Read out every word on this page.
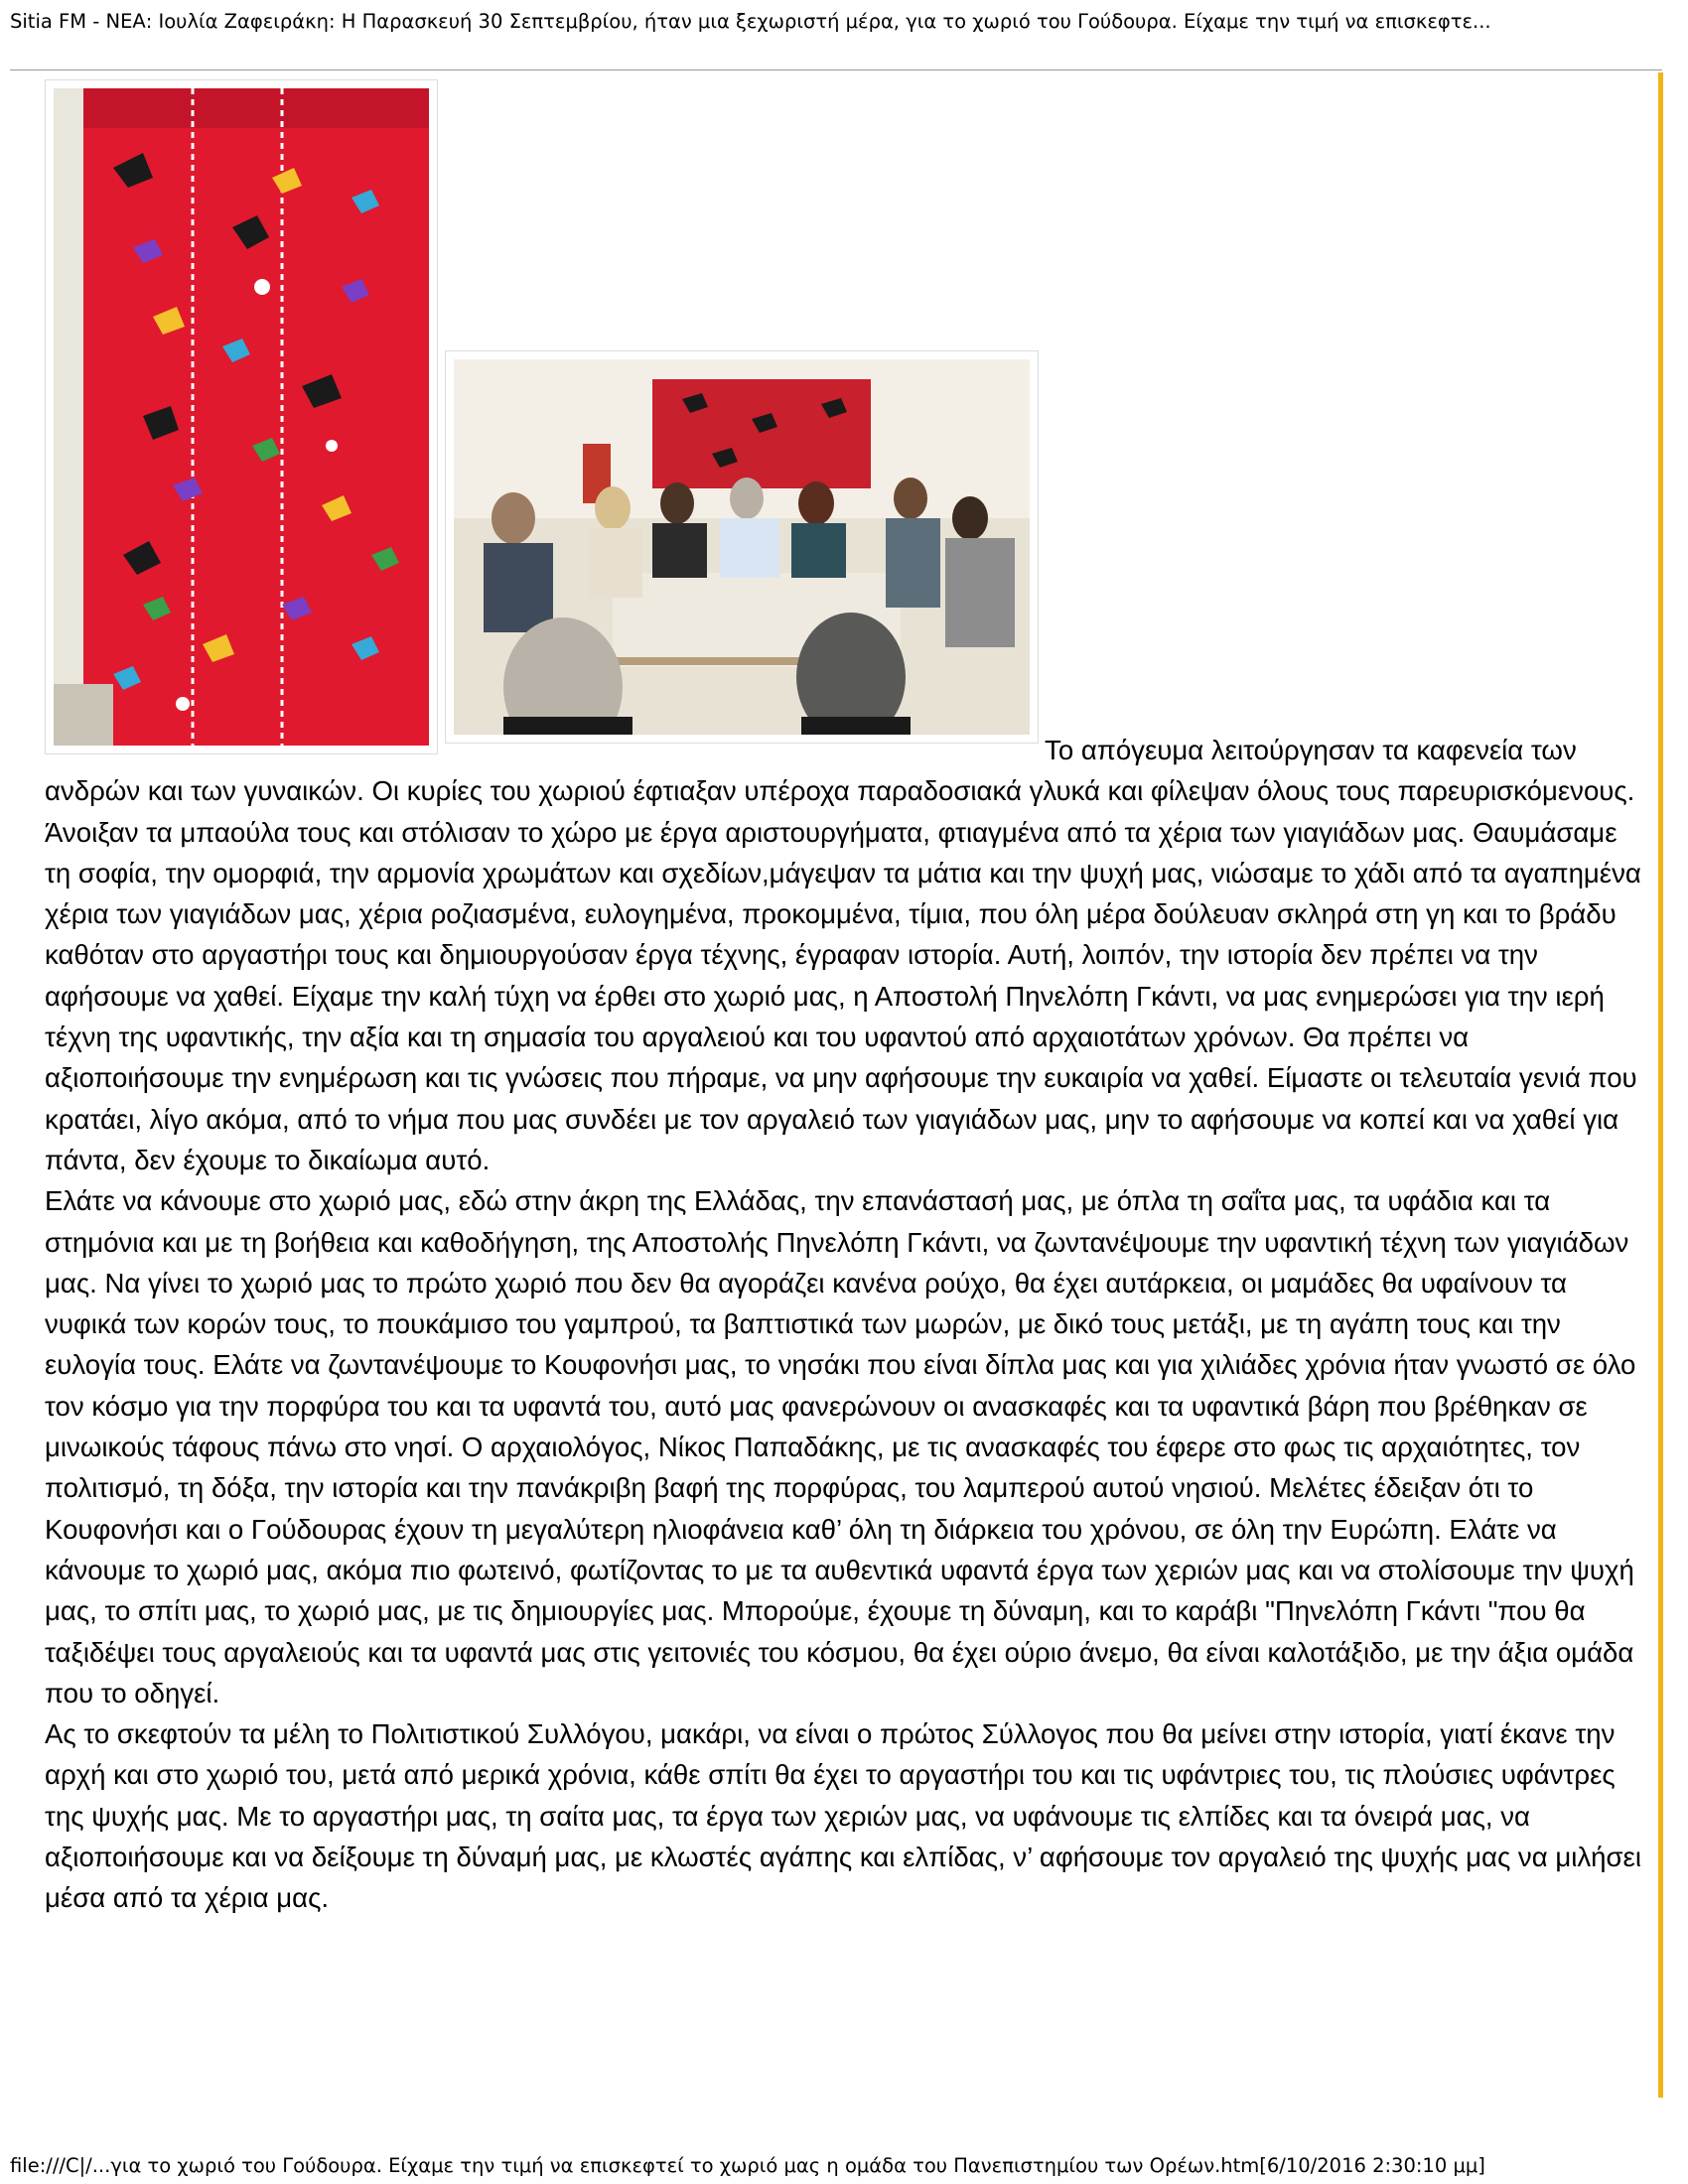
Sitia FM - ΝΕΑ: Ιουλία Ζαφειράκη: Η Παρασκευή 30 Σεπτεμβρίου, ήταν μια ξεχωριστή μέρα, για το χωριό του Γούδουρα. Είχαμε την τιμή να επισκεφτε...

Το απόγευμα λειτούργησαν τα καφενεία των ανδρών και των γυναικών. Οι κυρίες του χωριού έφτιαξαν υπέροχα παραδοσιακά γλυκά και φίλεψαν όλους τους παρευρισκόμενους. Άνοιξαν τα μπαούλα τους και στόλισαν το χώρο με έργα αριστουργήματα, φτιαγμένα από τα χέρια των γιαγιάδων μας. Θαυμάσαμε τη σοφία, την ομορφιά, την αρμονία χρωμάτων και σχεδίων,μάγεψαν τα μάτια και την ψυχή μας, νιώσαμε το χάδι από τα αγαπημένα χέρια των γιαγιάδων μας, χέρια ροζιασμένα, ευλογημένα, προκομμένα, τίμια, που όλη μέρα δούλευαν σκληρά στη γη και το βράδυ καθόταν στο αργαστήρι τους και δημιουργούσαν έργα τέχνης, έγραφαν ιστορία. Αυτή, λοιπόν, την ιστορία δεν πρέπει να την αφήσουμε να χαθεί. Είχαμε την καλή τύχη να έρθει στο χωριό μας, η Αποστολή Πηνελόπη Γκάντι, να μας ενημερώσει για την ιερή τέχνη της υφαντικής, την αξία και τη σημασία του αργαλειού και του υφαντού από αρχαιοτάτων χρόνων. Θα πρέπει να αξιοποιήσουμε την ενημέρωση και τις γνώσεις που πήραμε, να μην αφήσουμε την ευκαιρία να χαθεί. Είμαστε οι τελευταία γενιά που κρατάει, λίγο ακόμα, από το νήμα που μας συνδέει με τον αργαλειό των γιαγιάδων μας, μην το αφήσουμε να κοπεί και να χαθεί για πάντα, δεν έχουμε το δικαίωμα αυτό.

Ελάτε να κάνουμε στο χωριό μας, εδώ στην άκρη της Ελλάδας, την επανάστασή μας, με όπλα τη σαΐτα μας, τα υφάδια και τα στημόνια και με τη βοήθεια και καθοδήγηση, της Αποστολής Πηνελόπη Γκάντι, να ζωντανέψουμε την υφαντική τέχνη των γιαγιάδων μας. Να γίνει το χωριό μας το πρώτο χωριό που δεν θα αγοράζει κανένα ρούχο, θα έχει αυτάρκεια, οι μαμάδες θα υφαίνουν τα νυφικά των κορών τους, το πουκάμισο του γαμπρού, τα βαπτιστικά των μωρών, με δικό τους μετάξι, με τη αγάπη τους και την ευλογία τους. Ελάτε να ζωντανέψουμε το Κουφονήσι μας, το νησάκι που είναι δίπλα μας και για χιλιάδες χρόνια ήταν γνωστό σε όλο τον κόσμο για την πορφύρα του και τα υφαντά του, αυτό μας φανερώνουν οι ανασκαφές και τα υφαντικά βάρη που βρέθηκαν σε μινωικούς τάφους πάνω στο νησί. Ο αρχαιολόγος, Νίκος Παπαδάκης, με τις ανασκαφές του έφερε στο φως τις αρχαιότητες, τον πολιτισμό, τη δόξα, την ιστορία και την πανάκριβη βαφή της πορφύρας, του λαμπερού αυτού νησιού. Μελέτες έδειξαν ότι το Κουφονήσι και ο Γούδουρας έχουν τη μεγαλύτερη ηλιοφάνεια καθ’ όλη τη διάρκεια του χρόνου, σε όλη την Ευρώπη. Ελάτε να κάνουμε το χωριό μας, ακόμα πιο φωτεινό, φωτίζοντας το με τα αυθεντικά υφαντά έργα των χεριών μας και να στολίσουμε την ψυχή μας, το σπίτι μας, το χωριό μας, με τις δημιουργίες μας. Μπορούμε, έχουμε τη δύναμη, και το καράβι "Πηνελόπη Γκάντι "που θα ταξιδέψει τους αργαλειούς και τα υφαντά μας στις γειτονιές του κόσμου, θα έχει ούριο άνεμο, θα είναι καλοτάξιδο, με την άξια ομάδα που το οδηγεί.

Ας το σκεφτούν τα μέλη το Πολιτιστικού Συλλόγου, μακάρι, να είναι ο πρώτος Σύλλογος που θα μείνει στην ιστορία, γιατί έκανε την αρχή και στο χωριό του, μετά από μερικά χρόνια, κάθε σπίτι θα έχει το αργαστήρι του και τις υφάντριες του, τις πλούσιες υφάντρες της ψυχής μας. Με το αργαστήρι μας, τη σαίτα μας, τα έργα των χεριών μας, να υφάνουμε τις ελπίδες και τα όνειρά μας, να αξιοποιήσουμε και να δείξουμε τη δύναμή μας, με κλωστές αγάπης και ελπίδας, ν’ αφήσουμε τον αργαλειό της ψυχής μας να μιλήσει μέσα από τα χέρια μας.

file:///C|/...για το χωριό του Γούδουρα. Είχαμε την τιμή να επισκεφτεί το χωριό μας η ομάδα του Πανεπιστημίου των Ορέων.htm[6/10/2016 2:30:10 μμ]
